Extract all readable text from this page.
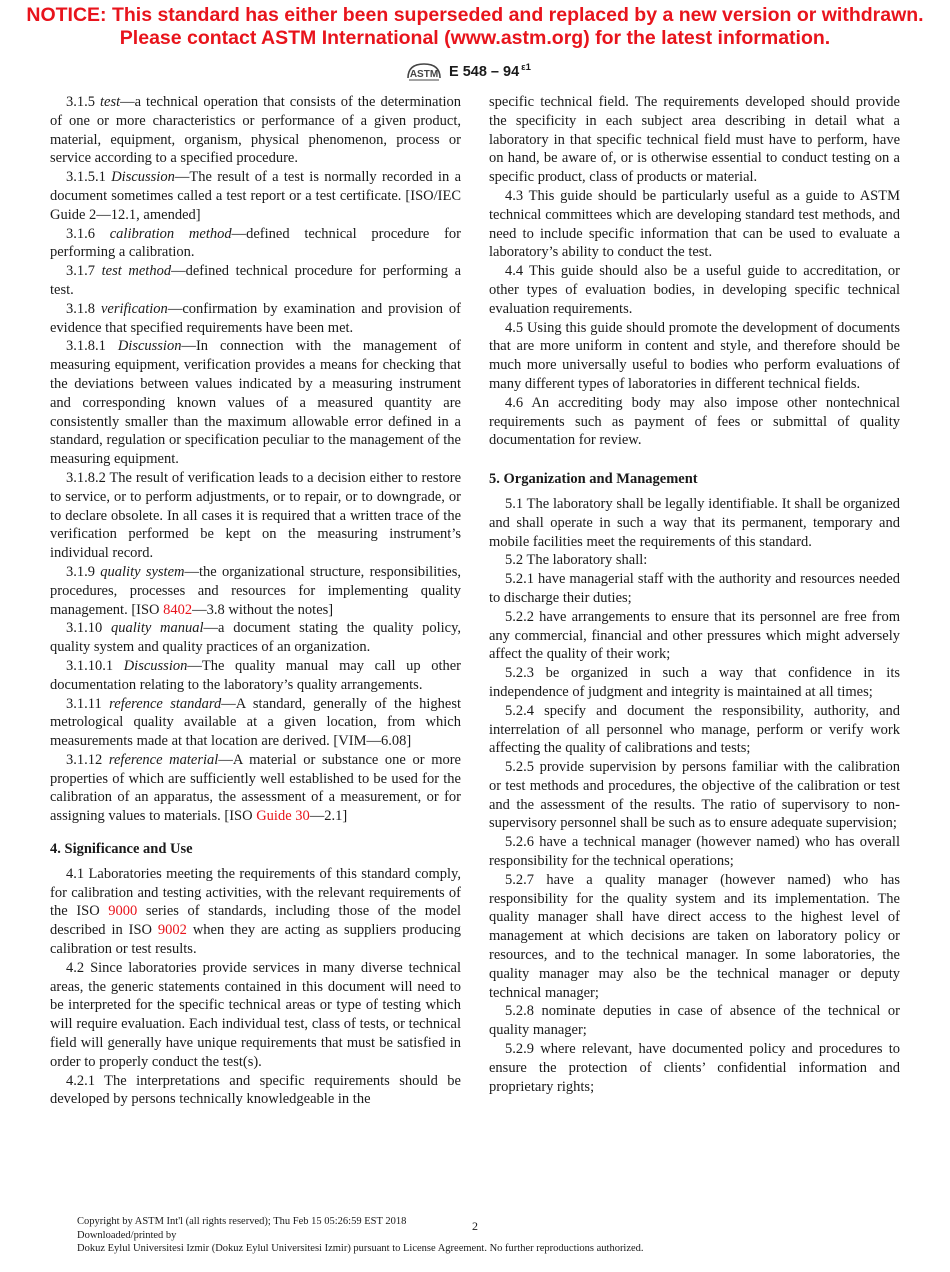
NOTICE: This standard has either been superseded and replaced by a new version or withdrawn.
Please contact ASTM International (www.astm.org) for the latest information.
ASTM E 548 – 94 $^{\varepsilon 1}$

3.1.5 test—a technical operation that consists of the determination of one or more characteristics or performance of a given product, material, equipment, organism, physical phenomenon, process or service according to a specified procedure.

3.1.5.1 Discussion—The result of a test is normally recorded in a document sometimes called a test report or a test certificate. [ISO/IEC Guide 2—12.1, amended]

3.1.6 calibration method—defined technical procedure for performing a calibration.

3.1.7 test method—defined technical procedure for performing a test.

3.1.8 verification—confirmation by examination and provision of evidence that specified requirements have been met.

3.1.8.1 Discussion—In connection with the management of measuring equipment, verification provides a means for checking that the deviations between values indicated by a measuring instrument and corresponding known values of a measured quantity are consistently smaller than the maximum allowable error defined in a standard, regulation or specification peculiar to the management of the measuring equipment.

3.1.8.2 The result of verification leads to a decision either to restore to service, or to perform adjustments, or to repair, or to downgrade, or to declare obsolete. In all cases it is required that a written trace of the verification performed be kept on the measuring instrument’s individual record.

3.1.9 quality system—the organizational structure, responsibilities, procedures, processes and resources for implementing quality management. [ISO 8402—3.8 without the notes]

3.1.10 quality manual—a document stating the quality policy, quality system and quality practices of an organization.

3.1.10.1 Discussion—The quality manual may call up other documentation relating to the laboratory’s quality arrangements.

3.1.11 reference standard—A standard, generally of the highest metrological quality available at a given location, from which measurements made at that location are derived. [VIM—6.08]

3.1.12 reference material—A material or substance one or more properties of which are sufficiently well established to be used for the calibration of an apparatus, the assessment of a measurement, or for assigning values to materials. [ISO Guide 30—2.1]

4. Significance and Use

4.1 Laboratories meeting the requirements of this standard comply, for calibration and testing activities, with the relevant requirements of the ISO 9000 series of standards, including those of the model described in ISO 9002 when they are acting as suppliers producing calibration or test results.

4.2 Since laboratories provide services in many diverse technical areas, the generic statements contained in this document will need to be interpreted for the specific technical areas or type of testing which will require evaluation. Each individual test, class of tests, or technical field will generally have unique requirements that must be satisfied in order to properly conduct the test(s).

4.2.1 The interpretations and specific requirements should be developed by persons technically knowledgeable in the

specific technical field. The requirements developed should provide the specificity in each subject area describing in detail what a laboratory in that specific technical field must have to perform, have on hand, be aware of, or is otherwise essential to conduct testing on a specific product, class of products or material.

4.3 This guide should be particularly useful as a guide to ASTM technical committees which are developing standard test methods, and need to include specific information that can be used to evaluate a laboratory’s ability to conduct the test.

4.4 This guide should also be a useful guide to accreditation, or other types of evaluation bodies, in developing specific technical evaluation requirements.

4.5 Using this guide should promote the development of documents that are more uniform in content and style, and therefore should be much more universally useful to bodies who perform evaluations of many different types of laboratories in different technical fields.

4.6 An accrediting body may also impose other nontechnical requirements such as payment of fees or submittal of quality documentation for review.

5. Organization and Management

5.1 The laboratory shall be legally identifiable. It shall be organized and shall operate in such a way that its permanent, temporary and mobile facilities meet the requirements of this standard.

5.2 The laboratory shall:

5.2.1 have managerial staff with the authority and resources needed to discharge their duties;

5.2.2 have arrangements to ensure that its personnel are free from any commercial, financial and other pressures which might adversely affect the quality of their work;

5.2.3 be organized in such a way that confidence in its independence of judgment and integrity is maintained at all times;

5.2.4 specify and document the responsibility, authority, and interrelation of all personnel who manage, perform or verify work affecting the quality of calibrations and tests;

5.2.5 provide supervision by persons familiar with the calibration or test methods and procedures, the objective of the calibration or test and the assessment of the results. The ratio of supervisory to non-supervisory personnel shall be such as to ensure adequate supervision;

5.2.6 have a technical manager (however named) who has overall responsibility for the technical operations;

5.2.7 have a quality manager (however named) who has responsibility for the quality system and its implementation. The quality manager shall have direct access to the highest level of management at which decisions are taken on laboratory policy or resources, and to the technical manager. In some laboratories, the quality manager may also be the technical manager or deputy technical manager;

5.2.8 nominate deputies in case of absence of the technical or quality manager;

5.2.9 where relevant, have documented policy and procedures to ensure the protection of clients’ confidential information and proprietary rights;

Copyright by ASTM Int'l (all rights reserved); Thu Feb 15 05:26:59 EST 2018
Downloaded/printed by
Dokuz Eylul Universitesi Izmir (Dokuz Eylul Universitesi Izmir) pursuant to License Agreement. No further reproductions authorized.
2
